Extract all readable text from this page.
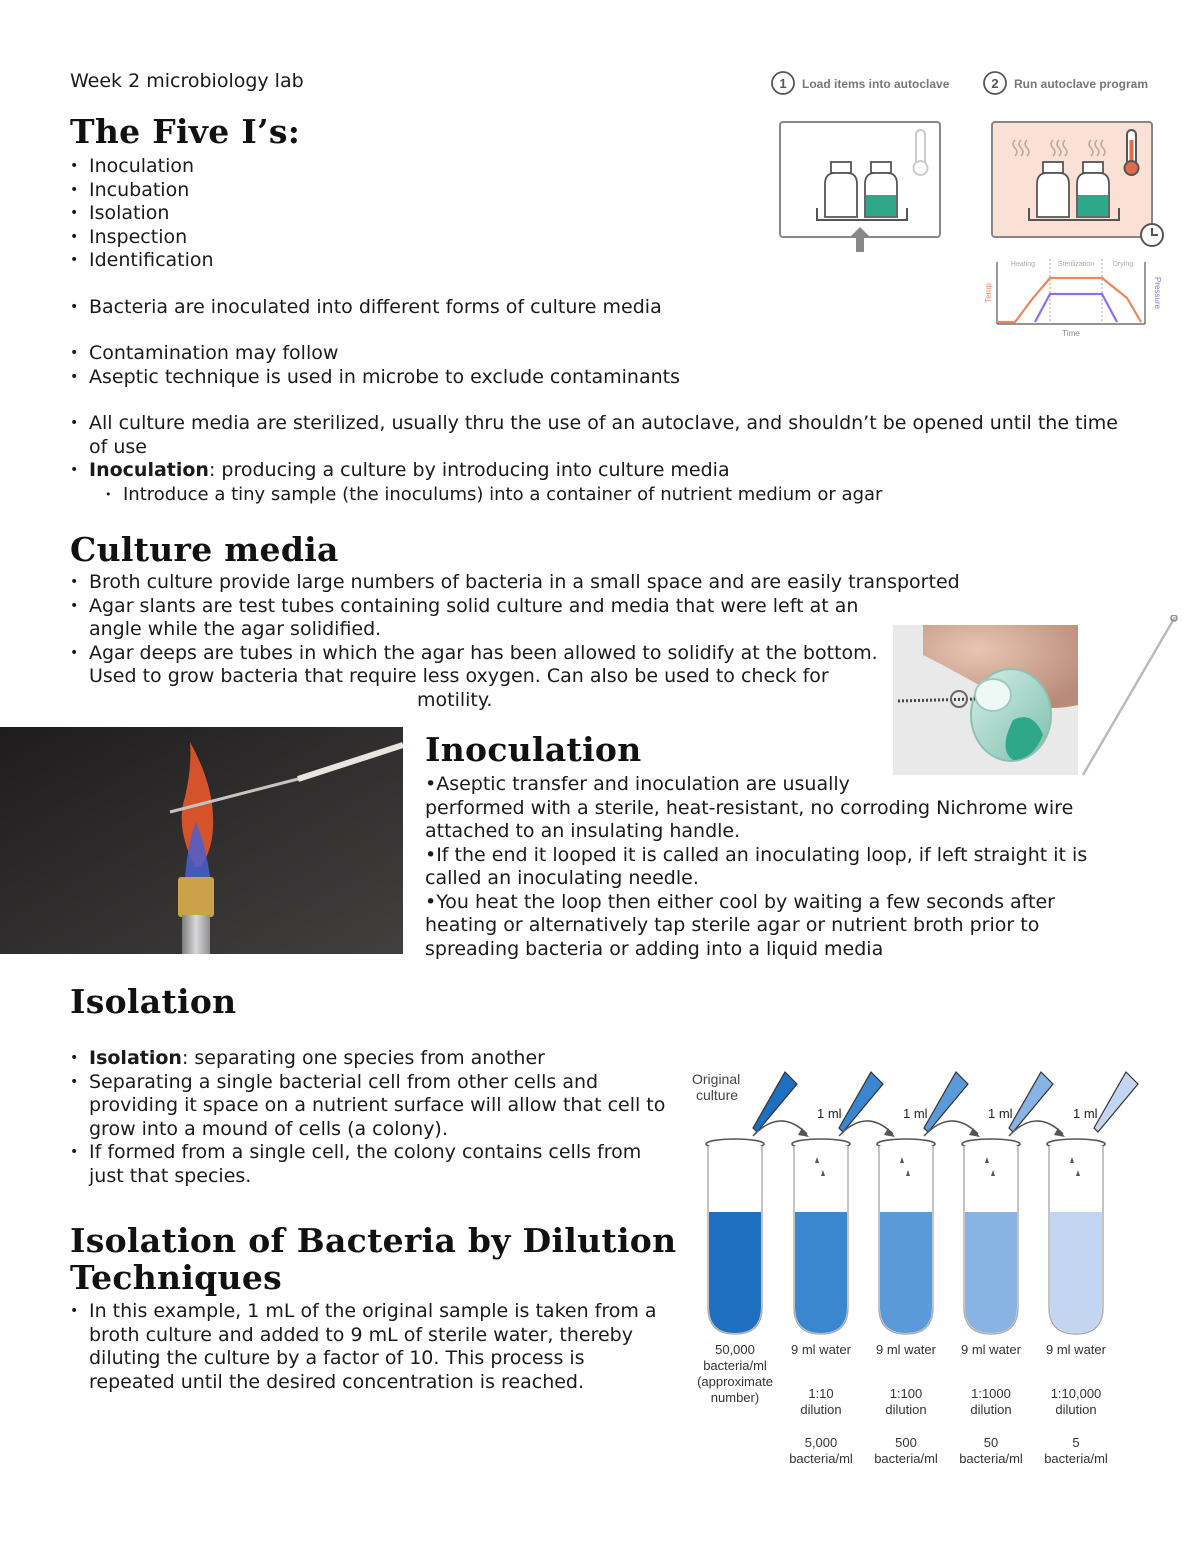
Week 2 microbiology lab
The Five I’s:
• Inoculation
• Incubation
• Isolation
• Inspection
• Identification
• Bacteria are inoculated into different forms of culture media
• Contamination may follow
• Aseptic technique is used in microbe to exclude contaminants
• All culture media are sterilized, usually thru the use of an autoclave, and shouldn’t be opened until the time of use
• Inoculation: producing a culture by introducing into culture media
• Introduce a tiny sample (the inoculums) into a container of nutrient medium or agar
1 Load items into autoclave	2 Run autoclave program
Heating	Sterilization	Drying
Temp	Pressure
Time
Culture media
• Broth culture provide large numbers of bacteria in a small space and are easily transported
• Agar slants are test tubes containing solid culture and media that were left at an
angle while the agar solidified.
• Agar deeps are tubes in which the agar has been allowed to solidify at the bottom.
Used to grow bacteria that require less oxygen. Can also be used to check for
motility.
Inoculation
•Aseptic transfer and inoculation are usually
performed with a sterile, heat-resistant, no corroding Nichrome wire
attached to an insulating handle.
•If the end it looped it is called an inoculating loop, if left straight it is
called an inoculating needle.
•You heat the loop then either cool by waiting a few seconds after
heating or alternatively tap sterile agar or nutrient broth prior to
spreading bacteria or adding into a liquid media
Isolation
• Isolation: separating one species from another
• Separating a single bacterial cell from other cells and
providing it space on a nutrient surface will allow that cell to
grow into a mound of cells (a colony).
• If formed from a single cell, the colony contains cells from
just that species.
Isolation of Bacteria by Dilution
Techniques
• In this example, 1 mL of the original sample is taken from a
broth culture and added to 9 mL of sterile water, thereby
diluting the culture by a factor of 10. This process is
repeated until the desired concentration is reached.
Original
culture
1 ml
50,000
bacteria/ml
(approximate
number)
1 ml
9 ml water
1:10
dilution
5,000
bacteria/ml
1 ml
9 ml water
1:100
dilution
500
bacteria/ml
1 ml
9 ml water
1:1000
dilution
50
bacteria/ml
9 ml water
1:10,000
dilution
5
bacteria/ml
